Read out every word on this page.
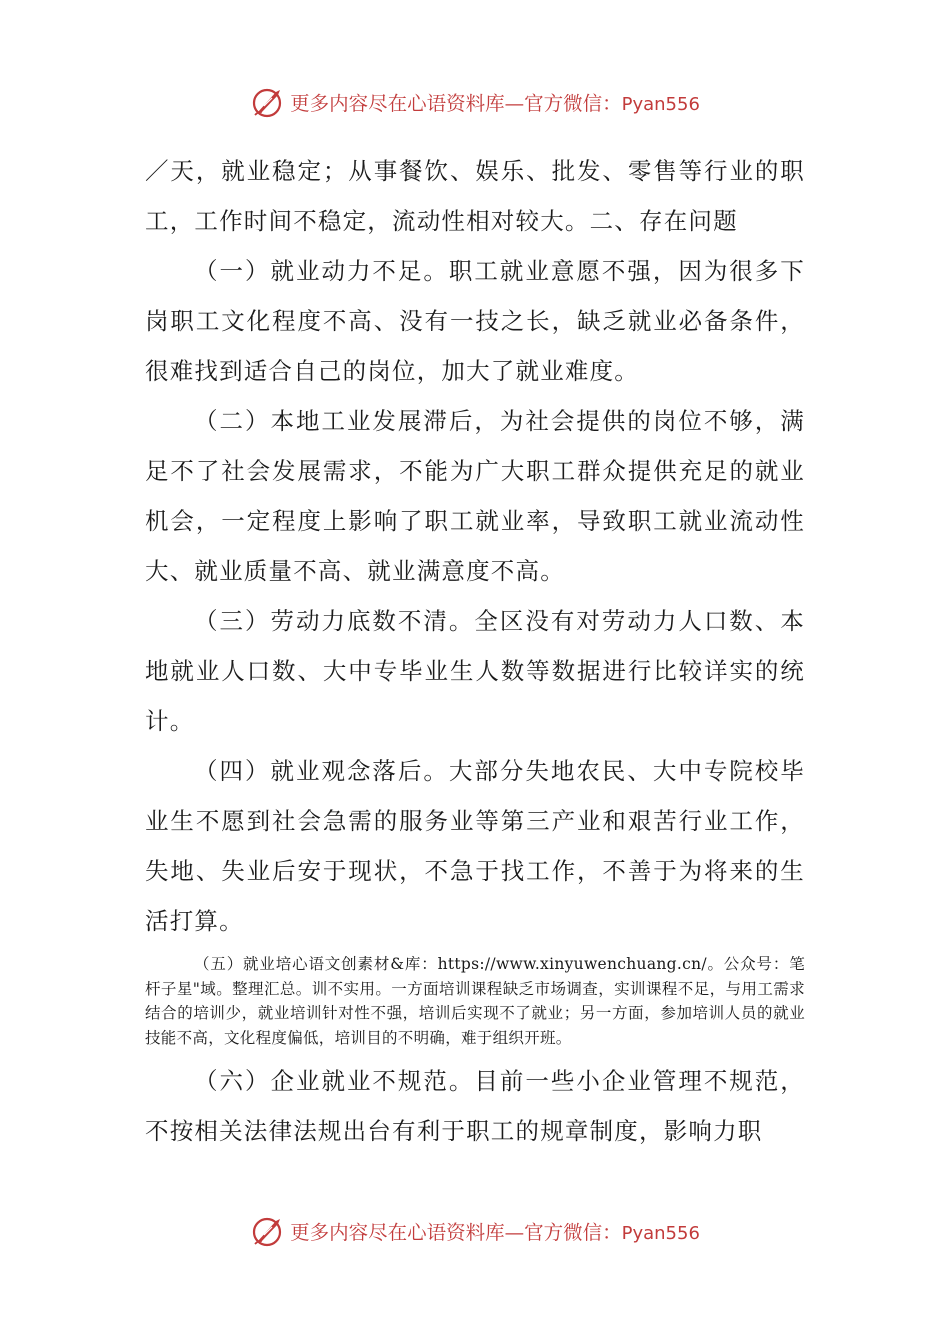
更多内容尽在心语资料库—官方微信：Pyan556

／天，就业稳定；从事餐饮、娱乐、批发、零售等行业的职工，工作时间不稳定，流动性相对较大。二、存在问题

（一）就业动力不足。职工就业意愿不强，因为很多下岗职工文化程度不高、没有一技之长，缺乏就业必备条件，很难找到适合自己的岗位，加大了就业难度。

（二）本地工业发展滞后，为社会提供的岗位不够，满足不了社会发展需求，不能为广大职工群众提供充足的就业机会，一定程度上影响了职工就业率，导致职工就业流动性大、就业质量不高、就业满意度不高。

（三）劳动力底数不清。全区没有对劳动力人口数、本地就业人口数、大中专毕业生人数等数据进行比较详实的统计。

（四）就业观念落后。大部分失地农民、大中专院校毕业生不愿到社会急需的服务业等第三产业和艰苦行业工作，失地、失业后安于现状，不急于找工作，不善于为将来的生活打算。

（五）就业培心语文创素材&库：https://www.xinyuwenchuang.cn/。公众号：笔杆子星"域。整理汇总。训不实用。一方面培训课程缺乏市场调查，实训课程不足，与用工需求结合的培训少，就业培训针对性不强，培训后实现不了就业；另一方面，参加培训人员的就业技能不高，文化程度偏低，培训目的不明确，难于组织开班。

（六）企业就业不规范。目前一些小企业管理不规范，不按相关法律法规出台有利于职工的规章制度，影响力职

更多内容尽在心语资料库—官方微信：Pyan556
